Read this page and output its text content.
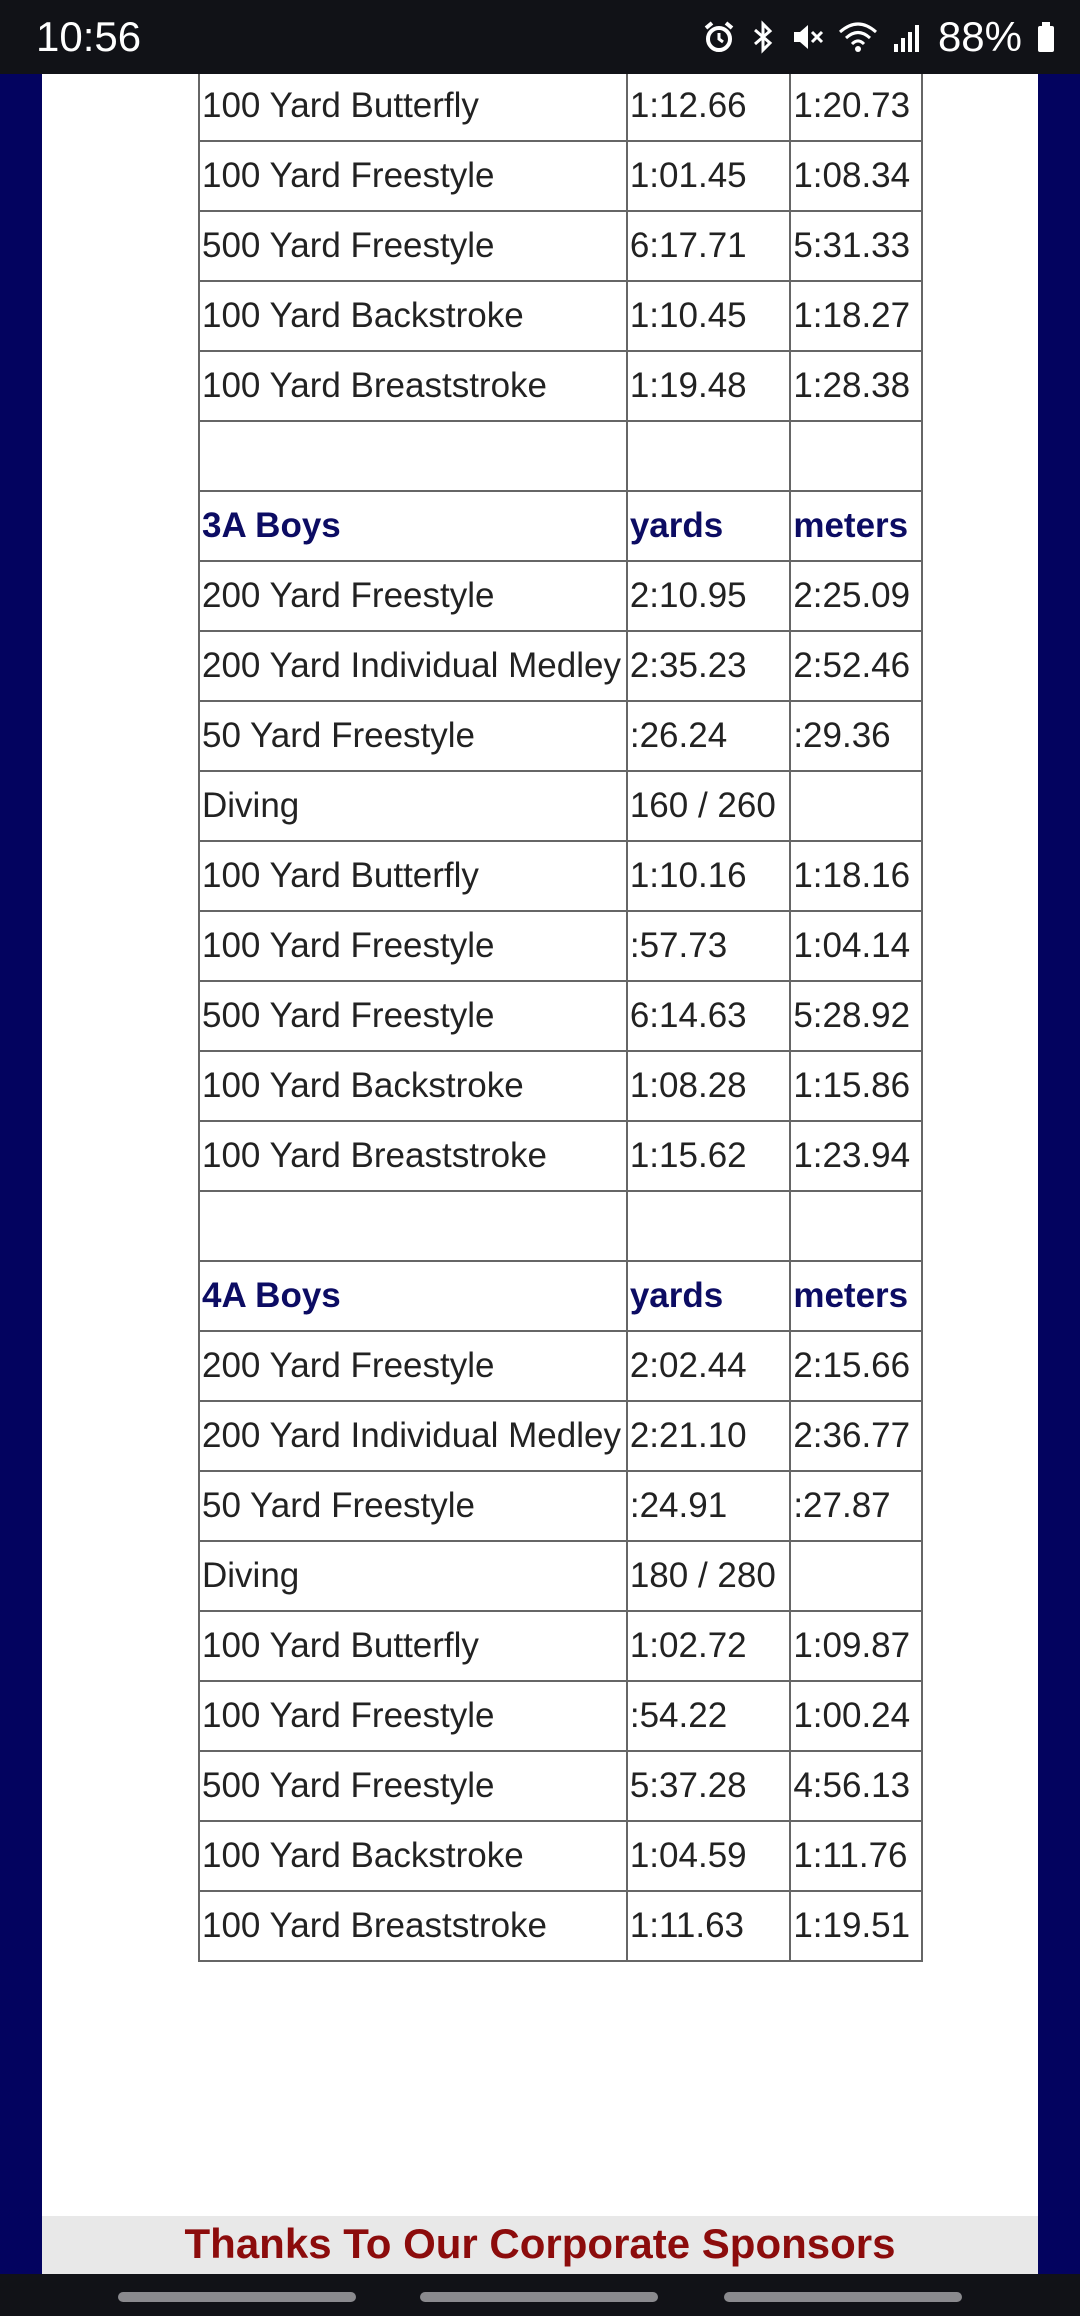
10:56	88%
100 Yard Butterfly	1:12.66	1:20.73
100 Yard Freestyle	1:01.45	1:08.34
500 Yard Freestyle	6:17.71	5:31.33
100 Yard Backstroke	1:10.45	1:18.27
100 Yard Breaststroke	1:19.48	1:28.38

3A Boys	yards	meters
200 Yard Freestyle	2:10.95	2:25.09
200 Yard Individual Medley	2:35.23	2:52.46
50 Yard Freestyle	:26.24	:29.36
Diving	160 / 260	
100 Yard Butterfly	1:10.16	1:18.16
100 Yard Freestyle	:57.73	1:04.14
500 Yard Freestyle	6:14.63	5:28.92
100 Yard Backstroke	1:08.28	1:15.86
100 Yard Breaststroke	1:15.62	1:23.94

4A Boys	yards	meters
200 Yard Freestyle	2:02.44	2:15.66
200 Yard Individual Medley	2:21.10	2:36.77
50 Yard Freestyle	:24.91	:27.87
Diving	180 / 280	
100 Yard Butterfly	1:02.72	1:09.87
100 Yard Freestyle	:54.22	1:00.24
500 Yard Freestyle	5:37.28	4:56.13
100 Yard Backstroke	1:04.59	1:11.76
100 Yard Breaststroke	1:11.63	1:19.51
Thanks To Our Corporate Sponsors
